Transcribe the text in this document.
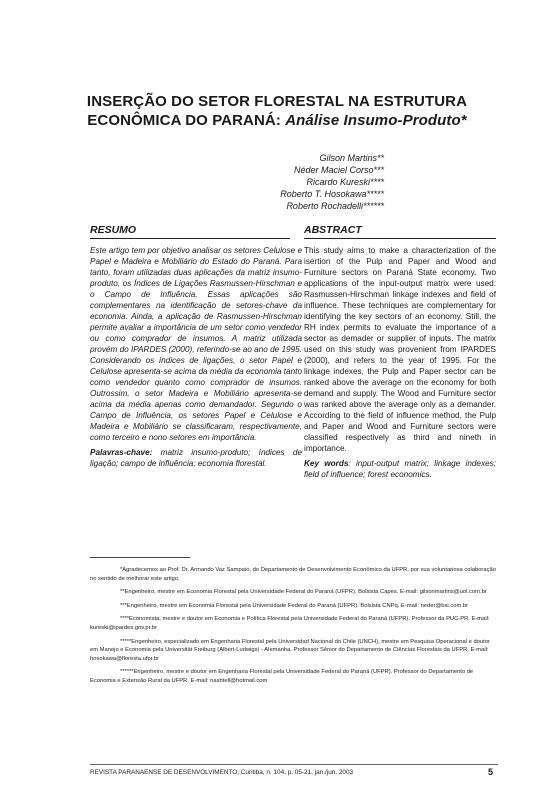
INSERÇÃO DO SETOR FLORESTAL NA ESTRUTURA
ECONÔMICA DO PARANÁ: Análise Insumo-Produto*
Gilson Martins**
Néder Maciel Corso***
Ricardo Kureski****
Roberto T. Hosokawa*****
Roberto Rochadelli******
RESUMO

Este artigo tem por objetivo analisar os setores Celulose e Papel e Madeira e Mobiliário do Estado do Paraná. Para tanto, foram utilizadas duas aplicações da matriz insumo-produto, os Índices de Ligações Rasmussen-Hirschman e o Campo de Influência. Essas aplicações são complementares na identificação de setores-chave da economia. Ainda, a aplicação de Rasmussen-Hirschman permite avaliar a importância de um setor como vendedor ou como comprador de insumos. A matriz utilizada provém do IPARDES (2000), referindo-se ao ano de 1995. Considerando os índices de ligações, o setor Papel e Celulose apresenta-se acima da média da economia tanto como vendedor quanto como comprador de insumos. Outrossim, o setor Madeira e Mobiliário apresenta-se acima da média apenas como demandador. Segundo o Campo de Influência, os setores Papel e Celulose e Madeira e Mobiliário se classificaram, respectivamente, como terceiro e nono setores em importância.

Palavras-chave: matriz insumo-produto; índices de ligação; campo de influência; economia florestal.

ABSTRACT

This study aims to make a characterization of the isertion of the Pulp and Paper and Wood and Furniture sectors on Paraná State economy. Two applications of the input-output matrix were used: Rasmussen-Hirschman linkage indexes and field of influence. These techniques are complementary for identifying the key sectors of an economy. Still, the RH index permits to evaluate the importance of a sector as demader or supplier of inputs. The matrix used on this study was provenient from IPARDES (2000), and refers to the year of 1995. For the linkage indexes, the Pulp and Paper sector can be ranked above the average on the economy for both demand and supply. The Wood and Furniture sector was ranked above the average only as a demander. According to the field of influence method, the Pulp and Paper and Wood and Furniture sectors were classified respectively as third and nineth in importance.

Key words: input-output matrix; linkage indexes; field of influence; forest economics.

*Agradecemos ao Prof. Dr. Armando Vaz Sampaio, do Departamento de Desenvolvimento Econômico da UFPR, por sua voluntariosa colaboração no sentido de melhorar este artigo.

**Engenheiro, mestre em Economia Florestal pela Universidade Federal do Paraná (UFPR). Bolsista Capes. E-mail: gilsonmartins@uol.com.br

***Engenheiro, mestre em Economia Florestal pela Universidade Federal do Paraná (UFPR). Bolsista CNPq. E-mail: neder@bsi.com.br

****Economista, mestre e doutor em Economia e Política Florestal pela Universidade Federal do Paraná (UFPR). Professor da PUC-PR. E-mail: kureski@ipardes.gov.pr.br

*****Engenheiro, especializado em Engenharia Florestal pela Universidad Nacional do Chile (UNCH), mestre em Pesquisa Operacional e doutor em Manejo e Economia pela Universität Freiburg (Albert-Ludwigs) - Alemanha. Professor Sênior do Departamento de Ciências Florestais da UFPR. E-mail: hosokawa@floresta.ufpr.br

******Engenheiro, mestre e doutor em Engenharia Florestal pela Universidade Federal do Paraná (UFPR). Professor do Departamento de Economia e Extensão Rural da UFPR. E-mail: nashtell@hotmail.com

REVISTA PARANAENSE DE DESENVOLVIMENTO, Curitiba, n. 104, p. 05-21, jan./jun. 2003	5
